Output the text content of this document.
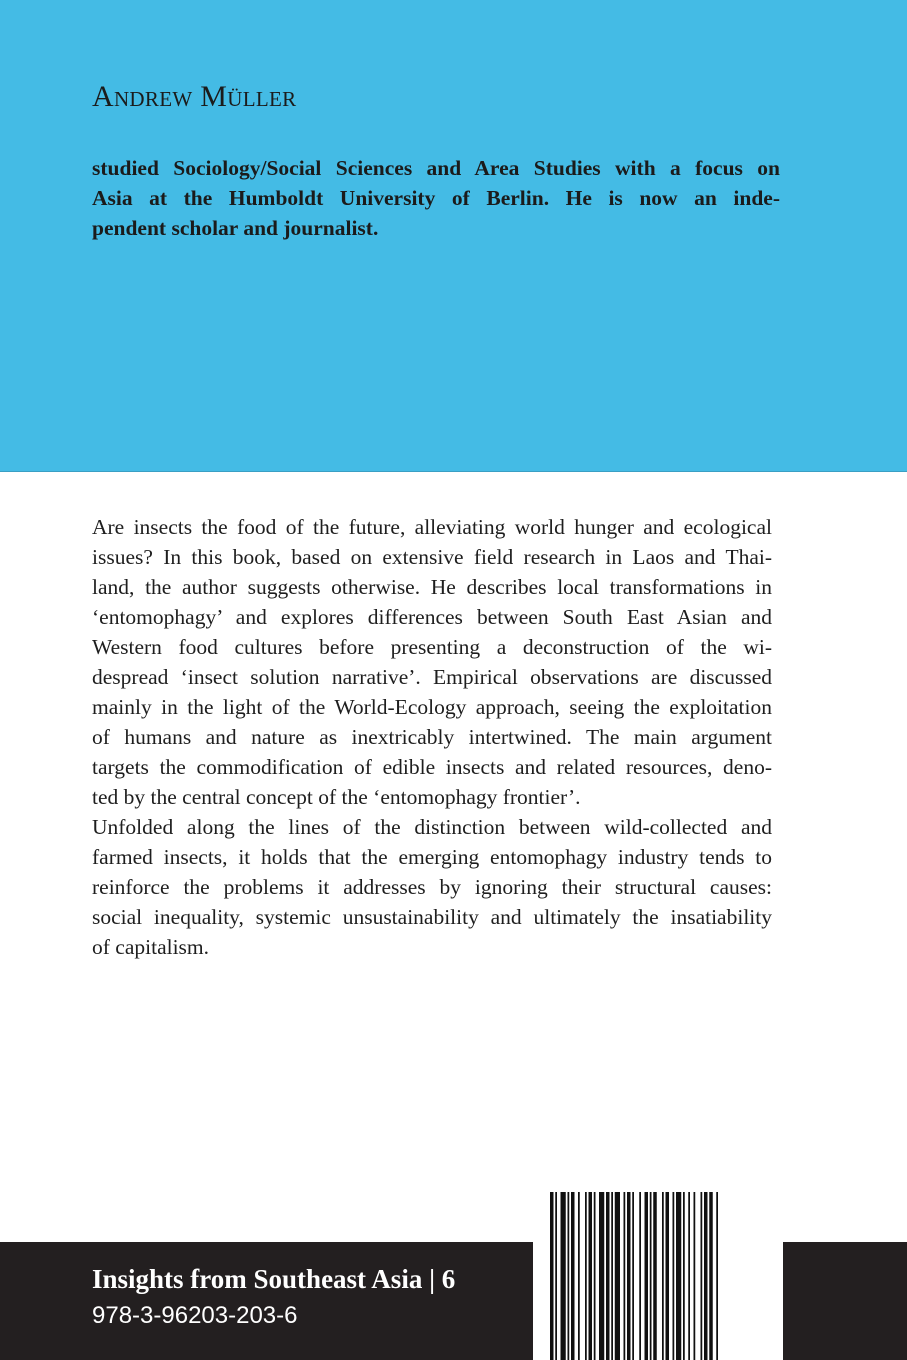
Andrew Müller

studied Sociology/Social Sciences and Area Studies with a focus on
Asia at the Humboldt University of Berlin. He is now an inde-
pendent scholar and journalist.

Are insects the food of the future, alleviating world hunger and ecological
issues? In this book, based on extensive field research in Laos and Thai-
land, the author suggests otherwise. He describes local transformations in
‘entomophagy’ and explores differences between South East Asian and
Western food cultures before presenting a deconstruction of the wi-
despread ‘insect solution narrative’. Empirical observations are discussed
mainly in the light of the World-Ecology approach, seeing the exploitation
of humans and nature as inextricably intertwined. The main argument
targets the commodification of edible insects and related resources, deno-
ted by the central concept of the ‘entomophagy frontier’.
Unfolded along the lines of the distinction between wild-collected and
farmed insects, it holds that the emerging entomophagy industry tends to
reinforce the problems it addresses by ignoring their structural causes:
social inequality, systemic unsustainability and ultimately the insatiability
of capitalism.

Insights from Southeast Asia | 6

978-3-96203-203-6
